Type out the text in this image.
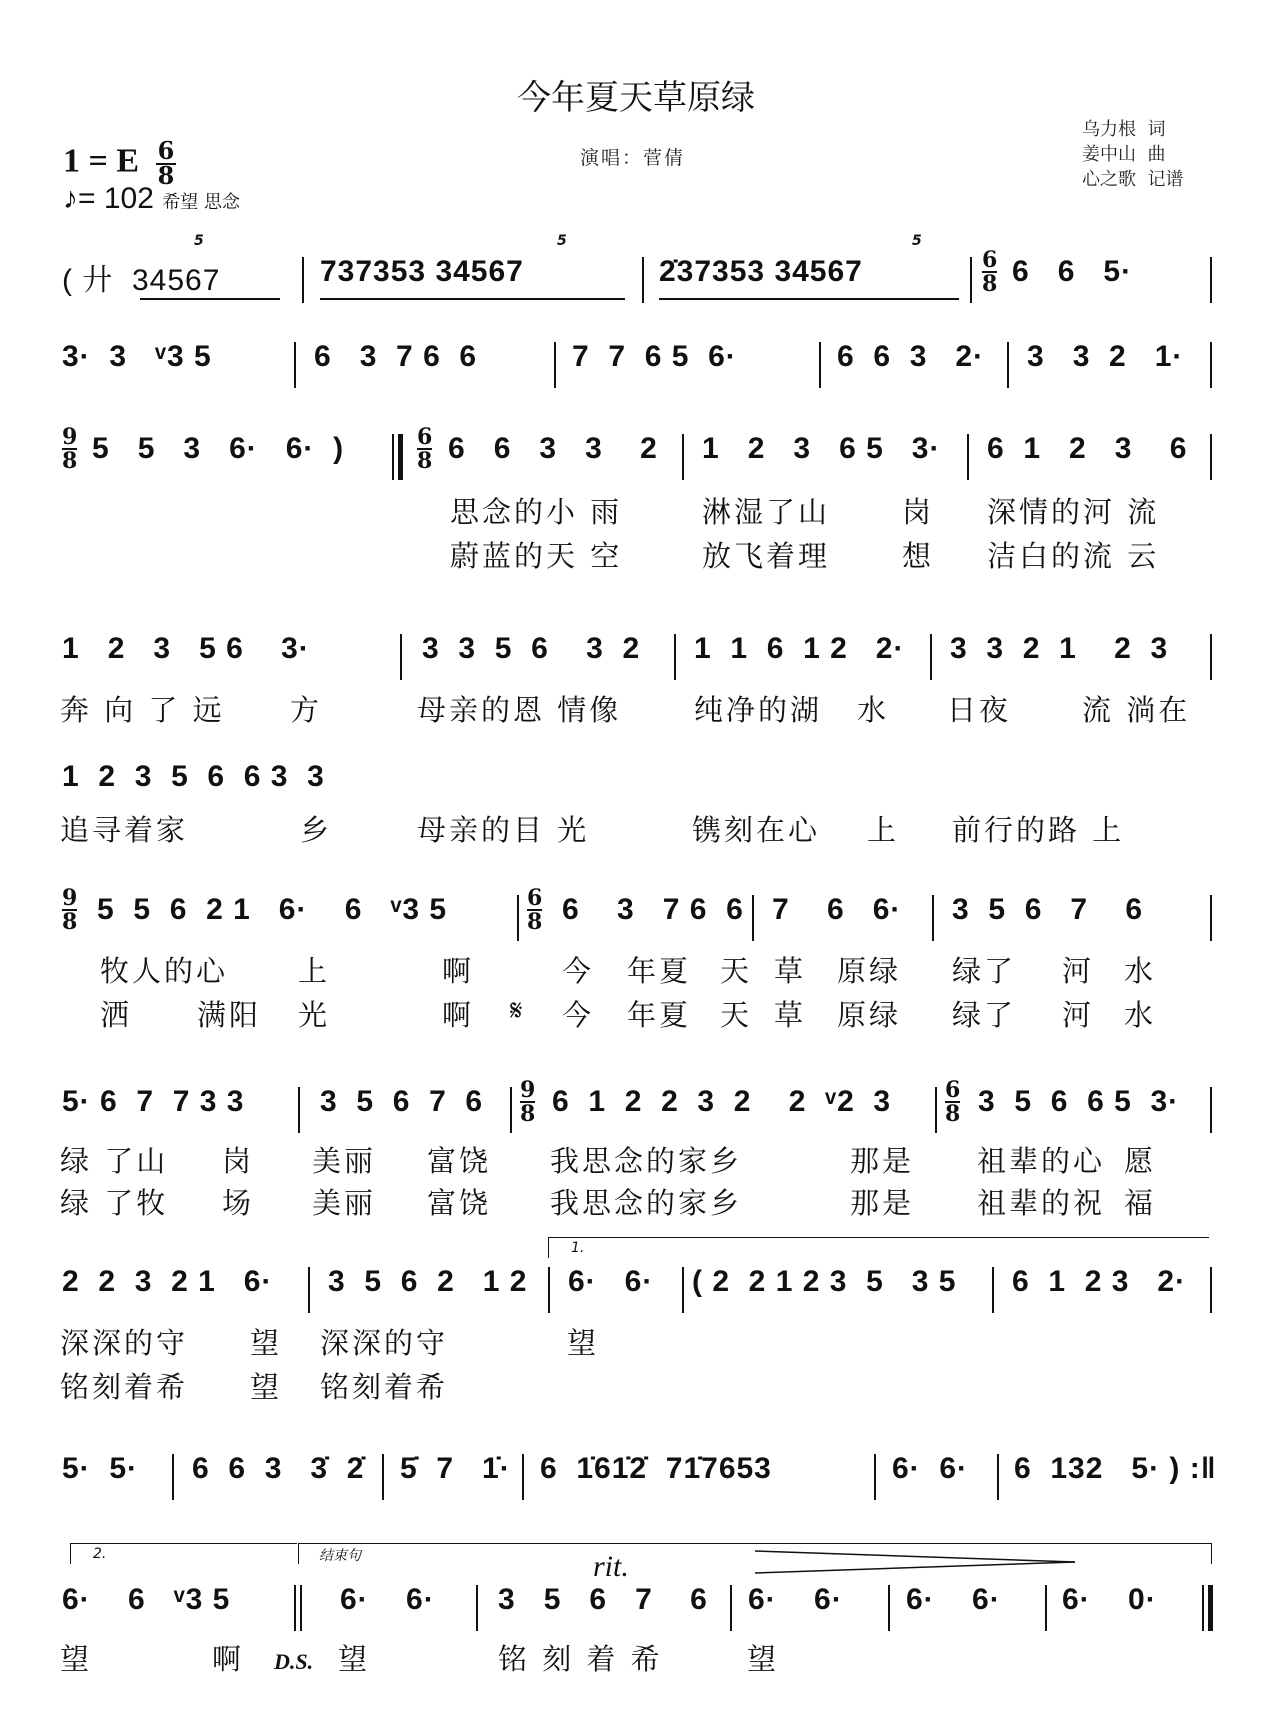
今年夏天草原绿
1 = E $\frac{6}{8}$
♪= 102 希望 思念
演唱：菅倩
乌力根  词
姜中山  曲
心之歌  记谱
( 廾  34567
5
737353 34567
5
2̇37353 34567
5
6
8 6   6   5·
3·  3   ᵛ3 5	6   3  7 6  6	7  7  6 5  6·	6  6  3   2· 3   3  2   1·
9
8 5   5   3   6·   6·  )	6
8 6   6   3   3    2 1   2   3   6 5   3· 6  1   2   3    6
思念的小 雨	淋湿了山 岗 深情的河 流
蔚蓝的天 空	放飞着理 想 洁白的流 云
1   2   3   5 6    3·	3  3  5  6    3  2 1  1  6  1 2   2· 3  3  2  1    2  3
奔 向 了 远 方	母亲的恩 情像	纯净的湖 水 日夜 流 淌在
1  2  3  5  6  6 3  3
追寻着家	乡	母亲的目 光	镌刻在心 上 前行的路 上
9
8 5  5  6  2 1   6·    6   ᵛ3 5	6
8 6    3   7 6  6 7    6   6· 3  5  6   7    6
牧人的心 上	啊	今 年夏 天 草 原绿 绿了 河 水
洒 满阳 光	啊 𝄋 今 年夏 天 草 原绿 绿了 河 水
5· 6  7  7 3 3	3  5  6  7  6 9
8 6  1  2  2  3  2    2  ᵛ2  3 6
8 3  5  6  6 5  3·
绿 了山 岗 美丽 富饶 我思念的家乡	那是 祖辈的心 愿
绿 了牧 场 美丽 富饶 我思念的家乡	那是 祖辈的祝 福
1.
2  2  3  2 1   6· 3  5  6  2   1 2 6·   6· ( 2  2 1 2 3  5   3 5 6  1  2 3   2·
深深的守 望 深深的守	望
铭刻着希 望 铭刻着希
5·  5· 6  6  3   3̇  2̇ 5̇  7   1̇· 6  1̇61̇2̇  71̇7653	6·  6· 6  132   5· ) :‖
2.	结束句	rit.
6·    6   ᵛ3 5	6·    6· 3   5   6   7    6 6·    6· 6·    6· 6·    0·
望	啊 D.S. 望	铭 刻 着 希	望
